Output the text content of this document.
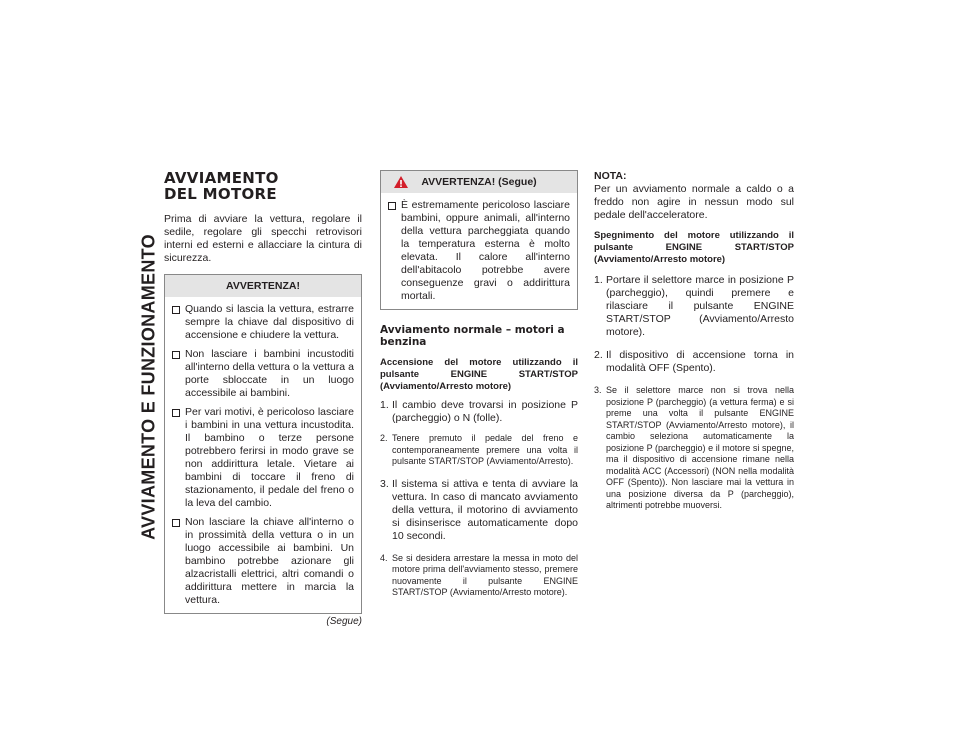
AVVIAMENTO E FUNZIONAMENTO
AVVIAMENTO DEL MOTORE

Prima di avviare la vettura, regolare il sedile, regolare gli specchi retrovisori interni ed esterni e allacciare la cintura di sicurezza.

AVVERTENZA!
Quando si lascia la vettura, estrarre sempre la chiave dal dispositivo di accensione e chiudere la vettura.
Non lasciare i bambini incustoditi all'interno della vettura o la vettura a porte sbloccate in un luogo accessibile ai bambini.
Per vari motivi, è pericoloso lasciare i bambini in una vettura incustodita. Il bambino o terze persone potrebbero ferirsi in modo grave se non addirittura letale. Vietare ai bambini di toccare il freno di stazionamento, il pedale del freno o la leva del cambio.
Non lasciare la chiave all'interno o in prossimità della vettura o in un luogo accessibile ai bambini. Un bambino potrebbe azionare gli alzacristalli elettrici, altri comandi o addirittura mettere in marcia la vettura.
(Segue)
AVVERTENZA! (Segue)
È estremamente pericoloso lasciare bambini, oppure animali, all'interno della vettura parcheggiata quando la temperatura esterna è molto elevata. Il calore all'interno dell'abitacolo potrebbe avere conseguenze gravi o addirittura mortali.

Avviamento normale – motori a benzina

Accensione del motore utilizzando il pulsante ENGINE START/STOP (Avviamento/Arresto motore)

1. Il cambio deve trovarsi in posizione P (parcheggio) o N (folle).
2. Tenere premuto il pedale del freno e contemporaneamente premere una volta il pulsante START/STOP (Avviamento/Arresto).
3. Il sistema si attiva e tenta di avviare la vettura. In caso di mancato avviamento della vettura, il motorino di avviamento si disinserisce automaticamente dopo 10 secondi.
4. Se si desidera arrestare la messa in moto del motore prima dell'avviamento stesso, premere nuovamente il pulsante ENGINE START/STOP (Avviamento/Arresto motore).

NOTA:

Per un avviamento normale a caldo o a freddo non agire in nessun modo sul pedale dell'acceleratore.

Spegnimento del motore utilizzando il pulsante ENGINE START/STOP (Avviamento/Arresto motore)

1. Portare il selettore marce in posizione P (parcheggio), quindi premere e rilasciare il pulsante ENGINE START/STOP (Avviamento/Arresto motore).
2. Il dispositivo di accensione torna in modalità OFF (Spento).
3. Se il selettore marce non si trova nella posizione P (parcheggio) (a vettura ferma) e si preme una volta il pulsante ENGINE START/STOP (Avviamento/Arresto motore), il cambio seleziona automaticamente la posizione P (parcheggio) e il motore si spegne, ma il dispositivo di accensione rimane nella modalità ACC (Accessori) (NON nella modalità OFF (Spento)). Non lasciare mai la vettura in una posizione diversa da P (parcheggio), altrimenti potrebbe muoversi.
